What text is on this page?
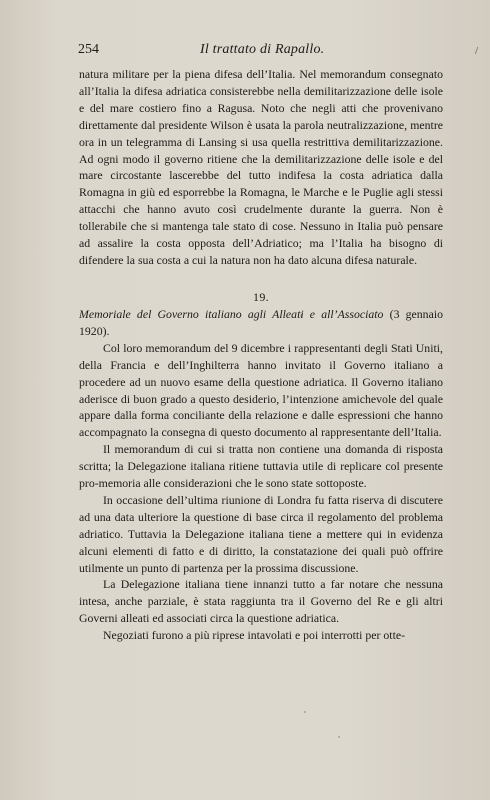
254	Il trattato di Rapallo.	/

natura militare per la piena difesa dell’Italia. Nel memorandum consegnato all’Italia la difesa adriatica consisterebbe nella demilitarizzazione delle isole e del mare costiero fino a Ragusa. Noto che negli atti che provenivano direttamente dal presidente Wilson è usata la parola neutralizzazione, mentre ora in un telegramma di Lansing si usa quella restrittiva demilitarizzazione. Ad ogni modo il governo ritiene che la demilitarizzazione delle isole e del mare circostante lascerebbe del tutto indifesa la costa adriatica dalla Romagna in giù ed esporrebbe la Romagna, le Marche e le Puglie agli stessi attacchi che hanno avuto così crudelmente durante la guerra. Non è tollerabile che si mantenga tale stato di cose. Nessuno in Italia può pensare ad assalire la costa opposta dell’Adriatico; ma l’Italia ha bisogno di difendere la sua costa a cui la natura non ha dato alcuna difesa naturale.

19.

Memoriale del Governo italiano agli Alleati e all’Associato (3 gennaio 1920).

Col loro memorandum del 9 dicembre i rappresentanti degli Stati Uniti, della Francia e dell’Inghilterra hanno invitato il Governo italiano a procedere ad un nuovo esame della questione adriatica. Il Governo italiano aderisce di buon grado a questo desiderio, l’intenzione amichevole del quale appare dalla forma conciliante della relazione e dalle espressioni che hanno accompagnato la consegna di questo documento al rappresentante dell’Italia.

Il memorandum di cui si tratta non contiene una domanda di risposta scritta; la Delegazione italiana ritiene tuttavia utile di replicare col presente pro-memoria alle considerazioni che le sono state sottoposte.

In occasione dell’ultima riunione di Londra fu fatta riserva di discutere ad una data ulteriore la questione di base circa il regolamento del problema adriatico. Tuttavia la Delegazione italiana tiene a mettere qui in evidenza alcuni elementi di fatto e di diritto, la constatazione dei quali può offrire utilmente un punto di partenza per la prossima discussione.

La Delegazione italiana tiene innanzi tutto a far notare che nessuna intesa, anche parziale, è stata raggiunta tra il Governo del Re e gli altri Governi alleati ed associati circa la questione adriatica.

Negoziati furono a più riprese intavolati e poi interrotti per otte-
